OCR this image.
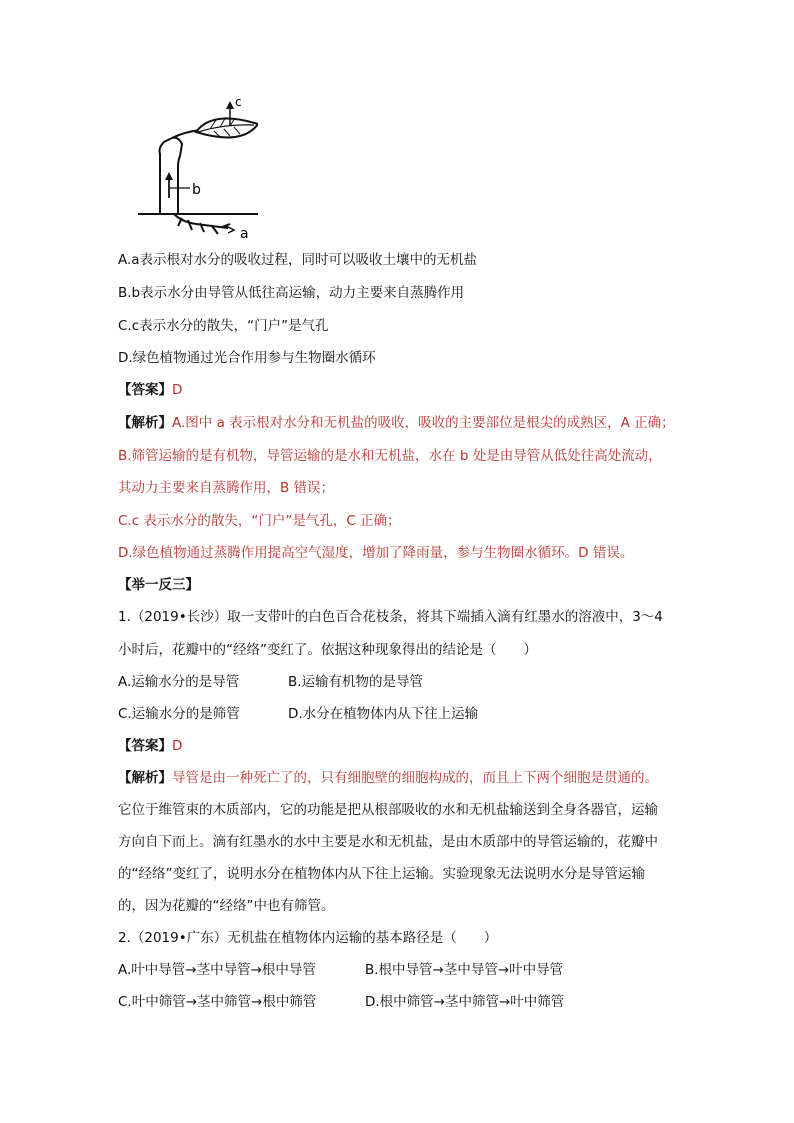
c
b
a
A.a表示根对水分的吸收过程，同时可以吸收土壤中的无机盐
B.b表示水分由导管从低往高运输，动力主要来自蒸腾作用
C.c表示水分的散失，“门户”是气孔
D.绿色植物通过光合作用参与生物圈水循环
【答案】D
【解析】A.图中 a 表示根对水分和无机盐的吸收，吸收的主要部位是根尖的成熟区，A 正确；
B.筛管运输的是有机物，导管运输的是水和无机盐，水在 b 处是由导管从低处往高处流动，
其动力主要来自蒸腾作用，B 错误；
C.c 表示水分的散失，“门户”是气孔，C 正确；
D.绿色植物通过蒸腾作用提高空气湿度，增加了降雨量，参与生物圈水循环。D 错误。
【举一反三】
1.（2019•长沙）取一支带叶的白色百合花枝条，将其下端插入滴有红墨水的溶液中，3～4
小时后，花瓣中的“经络”变红了。依据这种现象得出的结论是（　　）
A.运输水分的是导管	B.运输有机物的是导管
C.运输水分的是筛管	D.水分在植物体内从下往上运输
【答案】D
【解析】导管是由一种死亡了的，只有细胞壁的细胞构成的，而且上下两个细胞是贯通的。
它位于维管束的木质部内，它的功能是把从根部吸收的水和无机盐输送到全身各器官，运输
方向自下而上。滴有红墨水的水中主要是水和无机盐，是由木质部中的导管运输的，花瓣中
的“经络”变红了，说明水分在植物体内从下往上运输。实验现象无法说明水分是导管运输
的，因为花瓣的“经络”中也有筛管。
2.（2019•广东）无机盐在植物体内运输的基本路径是（　　）
A.叶中导管→茎中导管→根中导管	B.根中导管→茎中导管→叶中导管
C.叶中筛管→茎中筛管→根中筛管	D.根中筛管→茎中筛管→叶中筛管
